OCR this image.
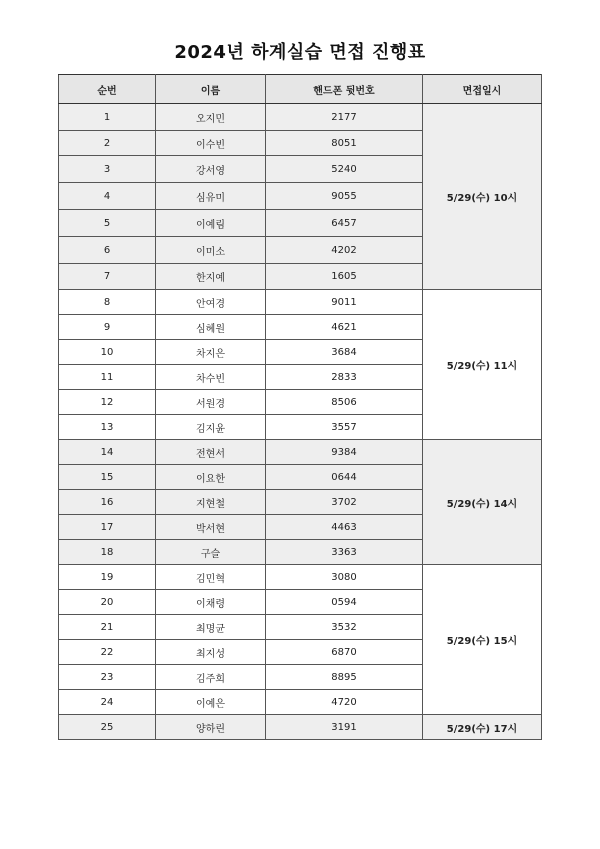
2024년 하계실습 면접 진행표
순번	이름	핸드폰 뒷번호	면접일시
1	오지민	2177	5/29(수) 10시
2	이수빈	8051	
3	강서영	5240	
4	심유미	9055	
5	이예림	6457	
6	이미소	4202	
7	한지예	1605	
8	안여경	9011	5/29(수) 11시
9	심혜원	4621	
10	차지은	3684	
11	차수빈	2833	
12	서원경	8506	
13	김지윤	3557	
14	전현서	9384	5/29(수) 14시
15	이요한	0644	
16	지현철	3702	
17	박서현	4463	
18	구슬	3363	
19	김민혁	3080	5/29(수) 15시
20	이채령	0594	
21	최명균	3532	
22	최지성	6870	
23	김주희	8895	
24	이예은	4720	
25	양하린	3191	5/29(수) 17시
